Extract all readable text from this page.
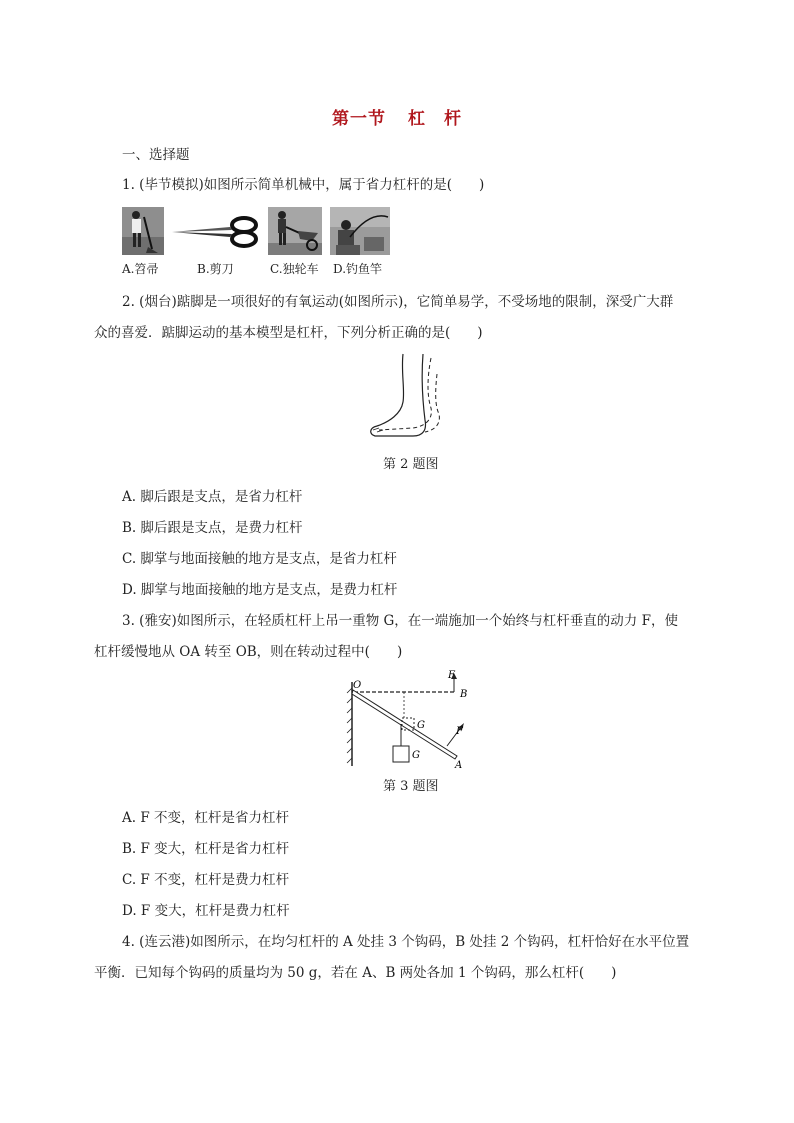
第一节 杠　杆
一、选择题
1. (毕节模拟)如图所示简单机械中，属于省力杠杆的是(　　)
A.笤帚	B.剪刀	C.独轮车 D.钓鱼竿
2. (烟台)踮脚是一项很好的有氧运动(如图所示)，它简单易学，不受场地的限制，深受广大群
众的喜爱．踮脚运动的基本模型是杠杆，下列分析正确的是(　　)
第 2 题图
A. 脚后跟是支点，是省力杠杆
B. 脚后跟是支点，是费力杠杆
C. 脚掌与地面接触的地方是支点，是省力杠杆
D. 脚掌与地面接触的地方是支点，是费力杠杆
3. (雅安)如图所示，在轻质杠杆上吊一重物 G，在一端施加一个始终与杠杆垂直的动力 F，使
杠杆缓慢地从 OA 转至 OB，则在转动过程中(　　)
O
B
A
F
F
G
G
第 3 题图
A. F 不变，杠杆是省力杠杆
B. F 变大，杠杆是省力杠杆
C. F 不变，杠杆是费力杠杆
D. F 变大，杠杆是费力杠杆
4. (连云港)如图所示，在均匀杠杆的 A 处挂 3 个钩码，B 处挂 2 个钩码，杠杆恰好在水平位置
平衡．已知每个钩码的质量均为 50 g，若在 A、B 两处各加 1 个钩码，那么杠杆(　　)
